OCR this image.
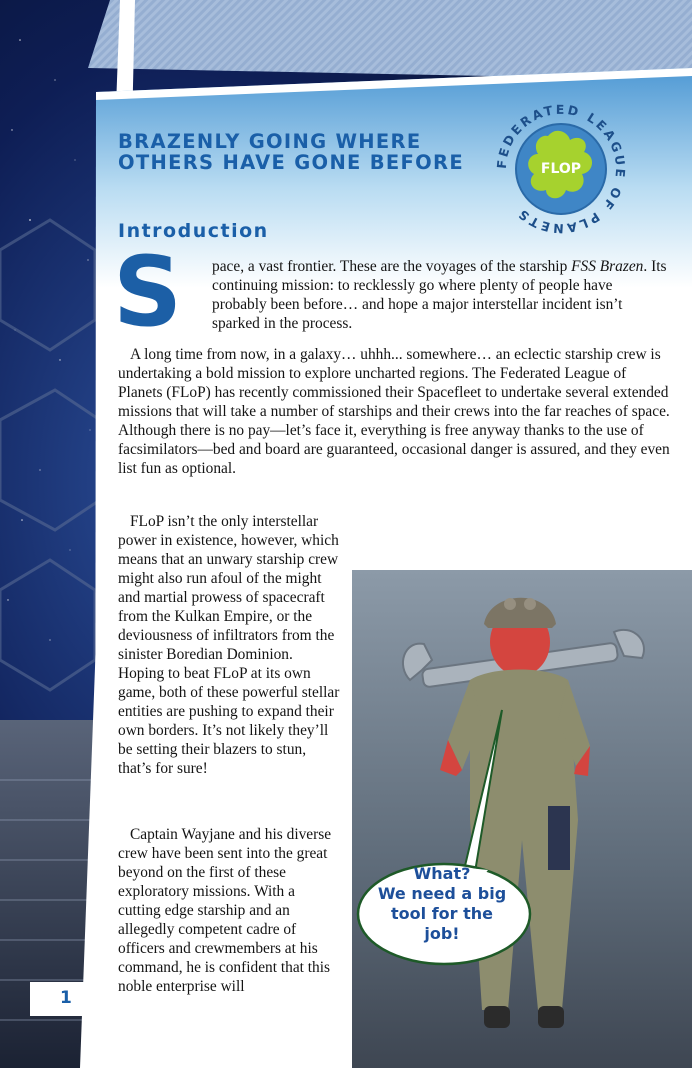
BRAZENLY GOING WHERE OTHERS HAVE GONE BEFORE
Introduction
FLOP
FEDERATED LEAGUE OF PLANETS
S	pace, a vast frontier. These are the voyages of the starship FSS Brazen. Its continuing mission: to recklessly go where plenty of people have probably been before… and hope a major interstellar incident isn’t sparked in the process.

A long time from now, in a galaxy… uhhh... somewhere… an eclectic starship crew is undertaking a bold mission to explore uncharted regions. The Federated League of Planets (FLoP) has recently commissioned their Spacefleet to undertake several extended missions that will take a number of starships and their crews into the far reaches of space. Although there is no pay—let’s face it, everything is free anyway thanks to the use of facsimilators—bed and board are guaranteed, occasional danger is assured, and they even list fun as optional.

FLoP isn’t the only interstellar power in existence, however, which means that an unwary starship crew might also run afoul of the might and martial prowess of spacecraft from the Kulkan Empire, or the deviousness of infiltrators from the sinister Boredian Dominion. Hoping to beat FLoP at its own game, both of these powerful stellar entities are pushing to expand their own borders. It’s not likely they’ll be setting their blazers to stun, that’s for sure!

Captain Wayjane and his diverse crew have been sent into the great beyond on the first of these exploratory missions. With a cutting edge starship and an allegedly competent cadre of officers and crewmembers at his command, he is confident that this noble enterprise will

What?
We need a big
tool for the
job!
1
